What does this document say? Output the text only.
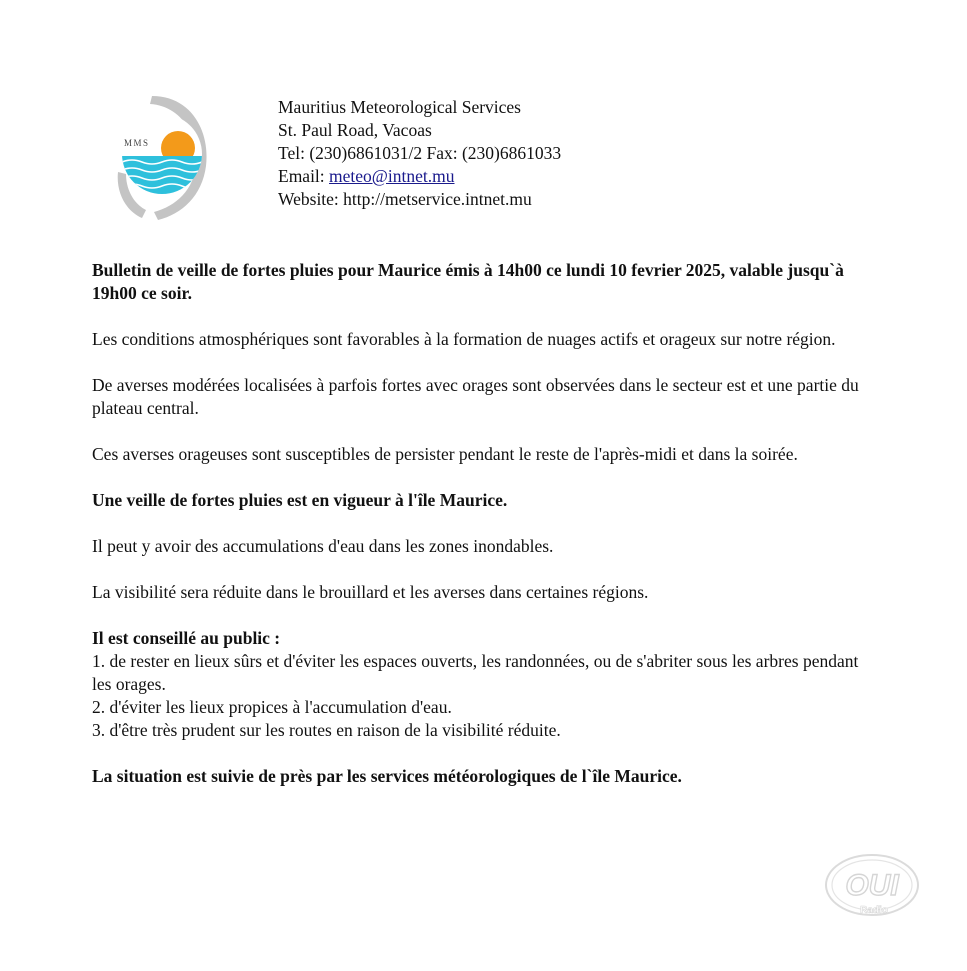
MMS
Mauritius Meteorological Services
St. Paul Road, Vacoas
Tel: (230)6861031/2 Fax: (230)6861033
Email: meteo@intnet.mu
Website: http://metservice.intnet.mu

Bulletin de veille de fortes pluies pour Maurice émis à 14h00 ce lundi 10 fevrier 2025, valable jusqu`à 19h00 ce soir.

Les conditions atmosphériques sont favorables à la formation de nuages actifs et orageux sur notre région.

De averses modérées localisées à parfois fortes avec orages sont observées dans le secteur est et une partie du plateau central.

Ces averses orageuses sont susceptibles de persister pendant le reste de l'après-midi et dans la soirée.

Une veille de fortes pluies est en vigueur à l'île Maurice.

Il peut y avoir des accumulations d'eau dans les zones inondables.

La visibilité sera réduite dans le brouillard et les averses dans certaines régions.

Il est conseillé au public :

1. de rester en lieux sûrs et d'éviter les espaces ouverts, les randonnées, ou de s'abriter sous les arbres pendant les orages.

2. d'éviter les lieux propices à l'accumulation d'eau.

3. d'être très prudent sur les routes en raison de la visibilité réduite.

La situation est suivie de près par les services météorologiques de l`île Maurice.

OUI
Radio
